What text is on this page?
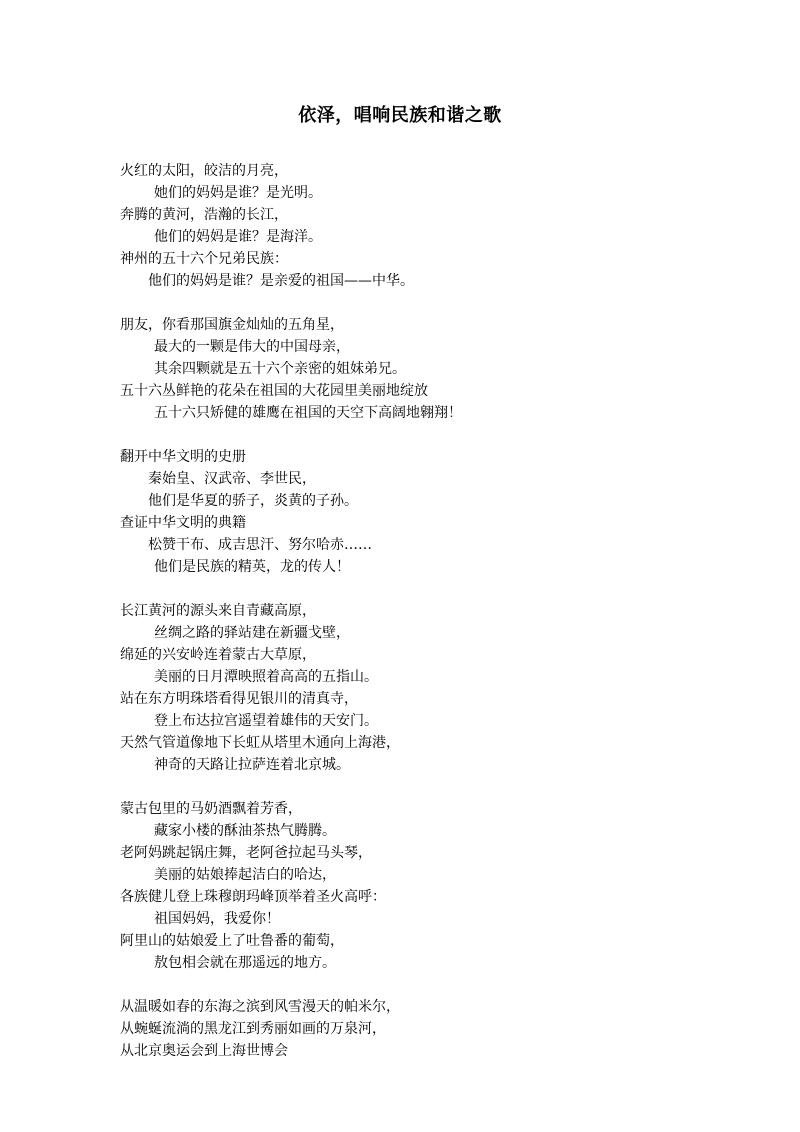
依泽，唱响民族和谐之歌
火红的太阳，皎洁的月亮，
她们的妈妈是谁？是光明。
奔腾的黄河，浩瀚的长江，
他们的妈妈是谁？是海洋。
神州的五十六个兄弟民族：
他们的妈妈是谁？是亲爱的祖国——中华。
朋友，你看那国旗金灿灿的五角星，
最大的一颗是伟大的中国母亲，
其余四颗就是五十六个亲密的姐妹弟兄。
五十六丛鲜艳的花朵在祖国的大花园里美丽地绽放
五十六只矫健的雄鹰在祖国的天空下高阔地翱翔！
翻开中华文明的史册
秦始皇、汉武帝、李世民，
他们是华夏的骄子，炎黄的子孙。
查证中华文明的典籍
松赞干布、成吉思汗、努尔哈赤……
他们是民族的精英，龙的传人！
长江黄河的源头来自青藏高原，
丝绸之路的驿站建在新疆戈壁，
绵延的兴安岭连着蒙古大草原，
美丽的日月潭映照着高高的五指山。
站在东方明珠塔看得见银川的清真寺，
登上布达拉宫遥望着雄伟的天安门。
天然气管道像地下长虹从塔里木通向上海港，
神奇的天路让拉萨连着北京城。
蒙古包里的马奶酒飘着芳香，
藏家小楼的酥油茶热气腾腾。
老阿妈跳起锅庄舞，老阿爸拉起马头琴，
美丽的姑娘捧起洁白的哈达，
各族健儿登上珠穆朗玛峰顶举着圣火高呼：
祖国妈妈，我爱你！
阿里山的姑娘爱上了吐鲁番的葡萄，
敖包相会就在那遥远的地方。
从温暖如春的东海之滨到风雪漫天的帕米尔，
从蜿蜒流淌的黑龙江到秀丽如画的万泉河，
从北京奥运会到上海世博会
